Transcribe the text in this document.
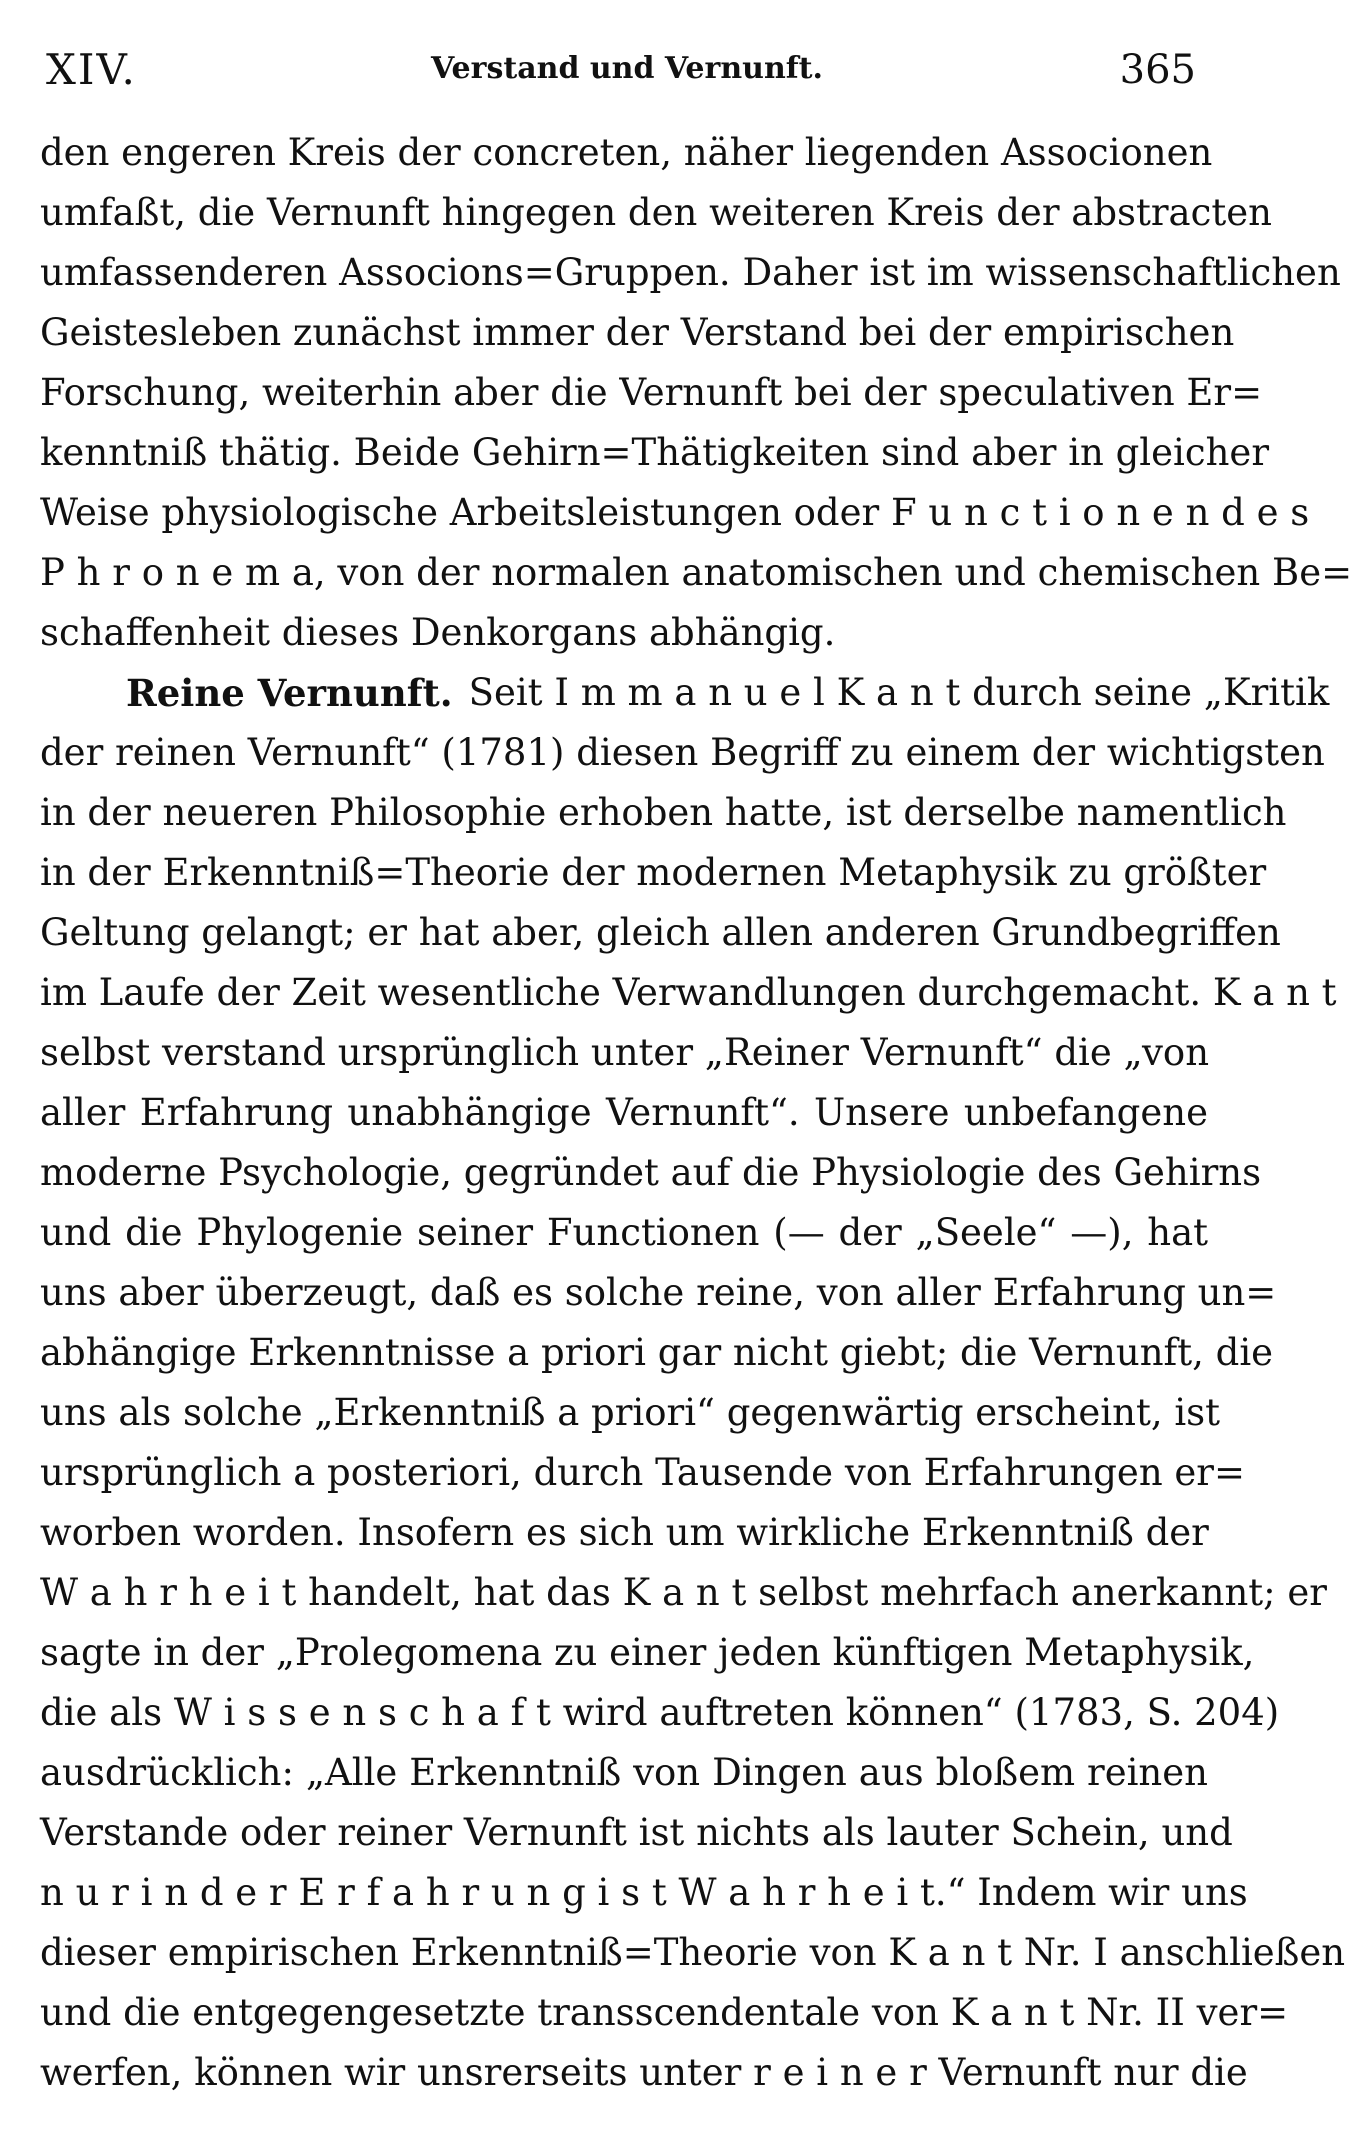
XIV.	Verstand und Vernunft.	365
den engeren Kreis der concreten, näher liegenden Associonen
umfaßt, die Vernunft hingegen den weiteren Kreis der abstracten
umfassenderen Associons=Gruppen. Daher ist im wissenschaftlichen
Geistesleben zunächst immer der Verstand bei der empirischen
Forschung, weiterhin aber die Vernunft bei der speculativen Er=
kenntniß thätig. Beide Gehirn=Thätigkeiten sind aber in gleicher
Weise physiologische Arbeitsleistungen oder F u n c t i o n e n d e s
P h r o n e m a, von der normalen anatomischen und chemischen Be=
schaffenheit dieses Denkorgans abhängig.
Reine Vernunft. Seit I m m a n u e l K a n t durch seine „Kritik
der reinen Vernunft“ (1781) diesen Begriff zu einem der wichtigsten
in der neueren Philosophie erhoben hatte, ist derselbe namentlich
in der Erkenntniß=Theorie der modernen Metaphysik zu größter
Geltung gelangt; er hat aber, gleich allen anderen Grundbegriffen
im Laufe der Zeit wesentliche Verwandlungen durchgemacht. K a n t
selbst verstand ursprünglich unter „Reiner Vernunft“ die „von
aller Erfahrung unabhängige Vernunft“. Unsere unbefangene
moderne Psychologie, gegründet auf die Physiologie des Gehirns
und die Phylogenie seiner Functionen (— der „Seele“ —), hat
uns aber überzeugt, daß es solche reine, von aller Erfahrung un=
abhängige Erkenntnisse a priori gar nicht giebt; die Vernunft, die
uns als solche „Erkenntniß a priori“ gegenwärtig erscheint, ist
ursprünglich a posteriori, durch Tausende von Erfahrungen er=
worben worden. Insofern es sich um wirkliche Erkenntniß der
W a h r h e i t handelt, hat das K a n t selbst mehrfach anerkannt; er
sagte in der „Prolegomena zu einer jeden künftigen Metaphysik,
die als W i s s e n s c h a f t wird auftreten können“ (1783, S. 204)
ausdrücklich: „Alle Erkenntniß von Dingen aus bloßem reinen
Verstande oder reiner Vernunft ist nichts als lauter Schein, und
n u r i n d e r E r f a h r u n g i s t W a h r h e i t.“ Indem wir uns
dieser empirischen Erkenntniß=Theorie von K a n t Nr. I anschließen
und die entgegengesetzte transscendentale von K a n t Nr. II ver=
werfen, können wir unsrerseits unter r e i n e r Vernunft nur die
